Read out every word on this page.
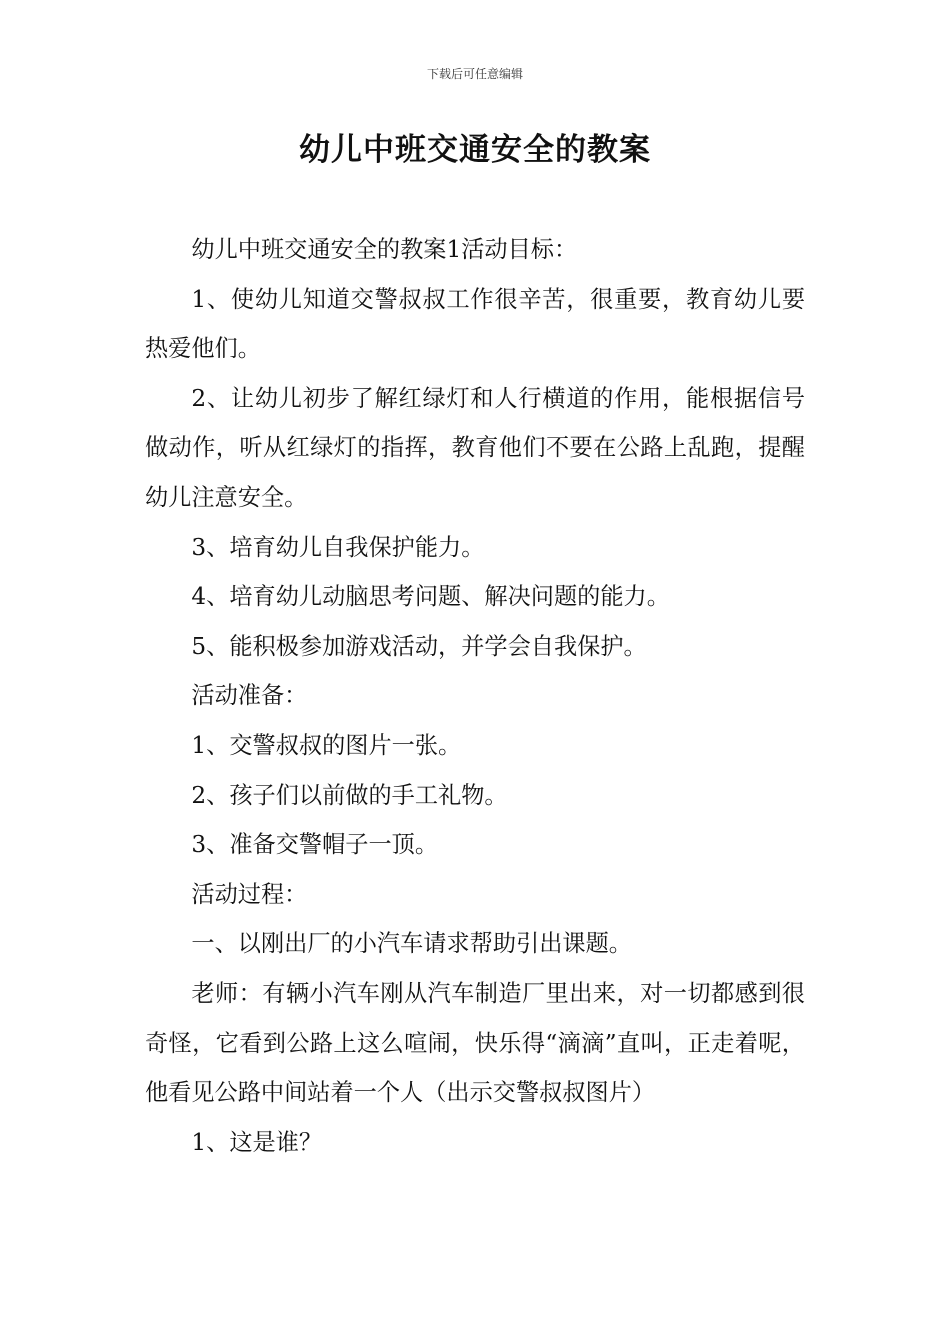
下载后可任意编辑
幼儿中班交通安全的教案

幼儿中班交通安全的教案1活动目标：

1、使幼儿知道交警叔叔工作很辛苦，很重要，教育幼儿要热爱他们。

2、让幼儿初步了解红绿灯和人行横道的作用，能根据信号做动作，听从红绿灯的指挥，教育他们不要在公路上乱跑，提醒幼儿注意安全。

3、培育幼儿自我保护能力。

4、培育幼儿动脑思考问题、解决问题的能力。

5、能积极参加游戏活动，并学会自我保护。

活动准备：

1、交警叔叔的图片一张。

2、孩子们以前做的手工礼物。

3、准备交警帽子一顶。

活动过程：

一、以刚出厂的小汽车请求帮助引出课题。

老师：有辆小汽车刚从汽车制造厂里出来，对一切都感到很奇怪，它看到公路上这么喧闹，快乐得“滴滴”直叫，正走着呢，他看见公路中间站着一个人（出示交警叔叔图片）

1、这是谁？
